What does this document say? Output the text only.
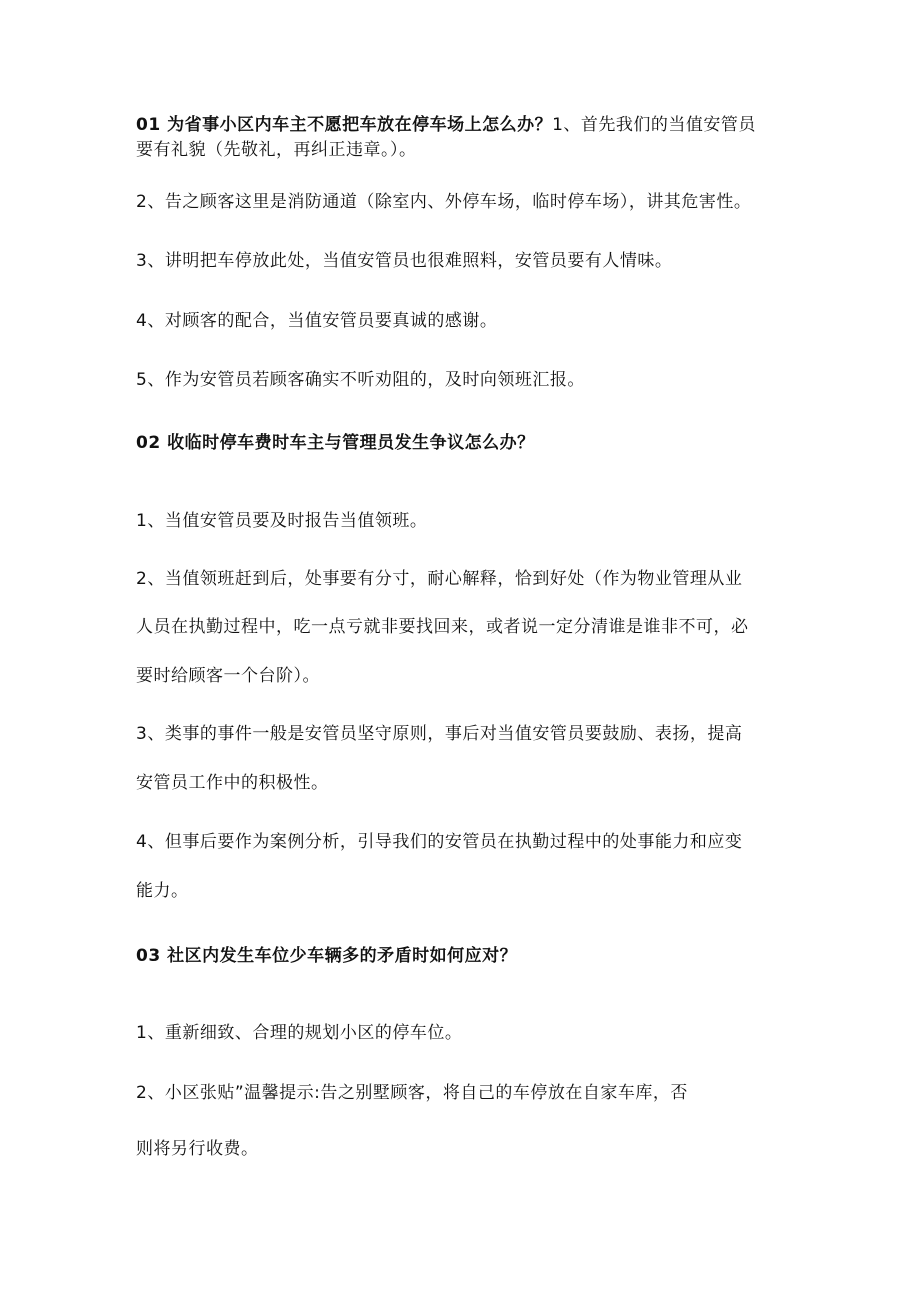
01 为省事小区内车主不愿把车放在停车场上怎么办？1、首先我们的当值安管员

要有礼貌（先敬礼，再纠正违章。）。

2、告之顾客这里是消防通道（除室内、外停车场，临时停车场），讲其危害性。

3、讲明把车停放此处，当值安管员也很难照料，安管员要有人情味。

4、对顾客的配合，当值安管员要真诚的感谢。

5、作为安管员若顾客确实不听劝阻的，及时向领班汇报。

02 收临时停车费时车主与管理员发生争议怎么办？

1、当值安管员要及时报告当值领班。

2、当值领班赶到后，处事要有分寸，耐心解释，恰到好处（作为物业管理从业

人员在执勤过程中，吃一点亏就非要找回来，或者说一定分清谁是谁非不可，必

要时给顾客一个台阶）。

3、类事的事件一般是安管员坚守原则，事后对当值安管员要鼓励、表扬，提高

安管员工作中的积极性。

4、但事后要作为案例分析，引导我们的安管员在执勤过程中的处事能力和应变

能力。

03 社区内发生车位少车辆多的矛盾时如何应对？

1、重新细致、合理的规划小区的停车位。

2、小区张贴”温馨提示:告之别墅顾客，将自己的车停放在自家车库，否

则将另行收费。
